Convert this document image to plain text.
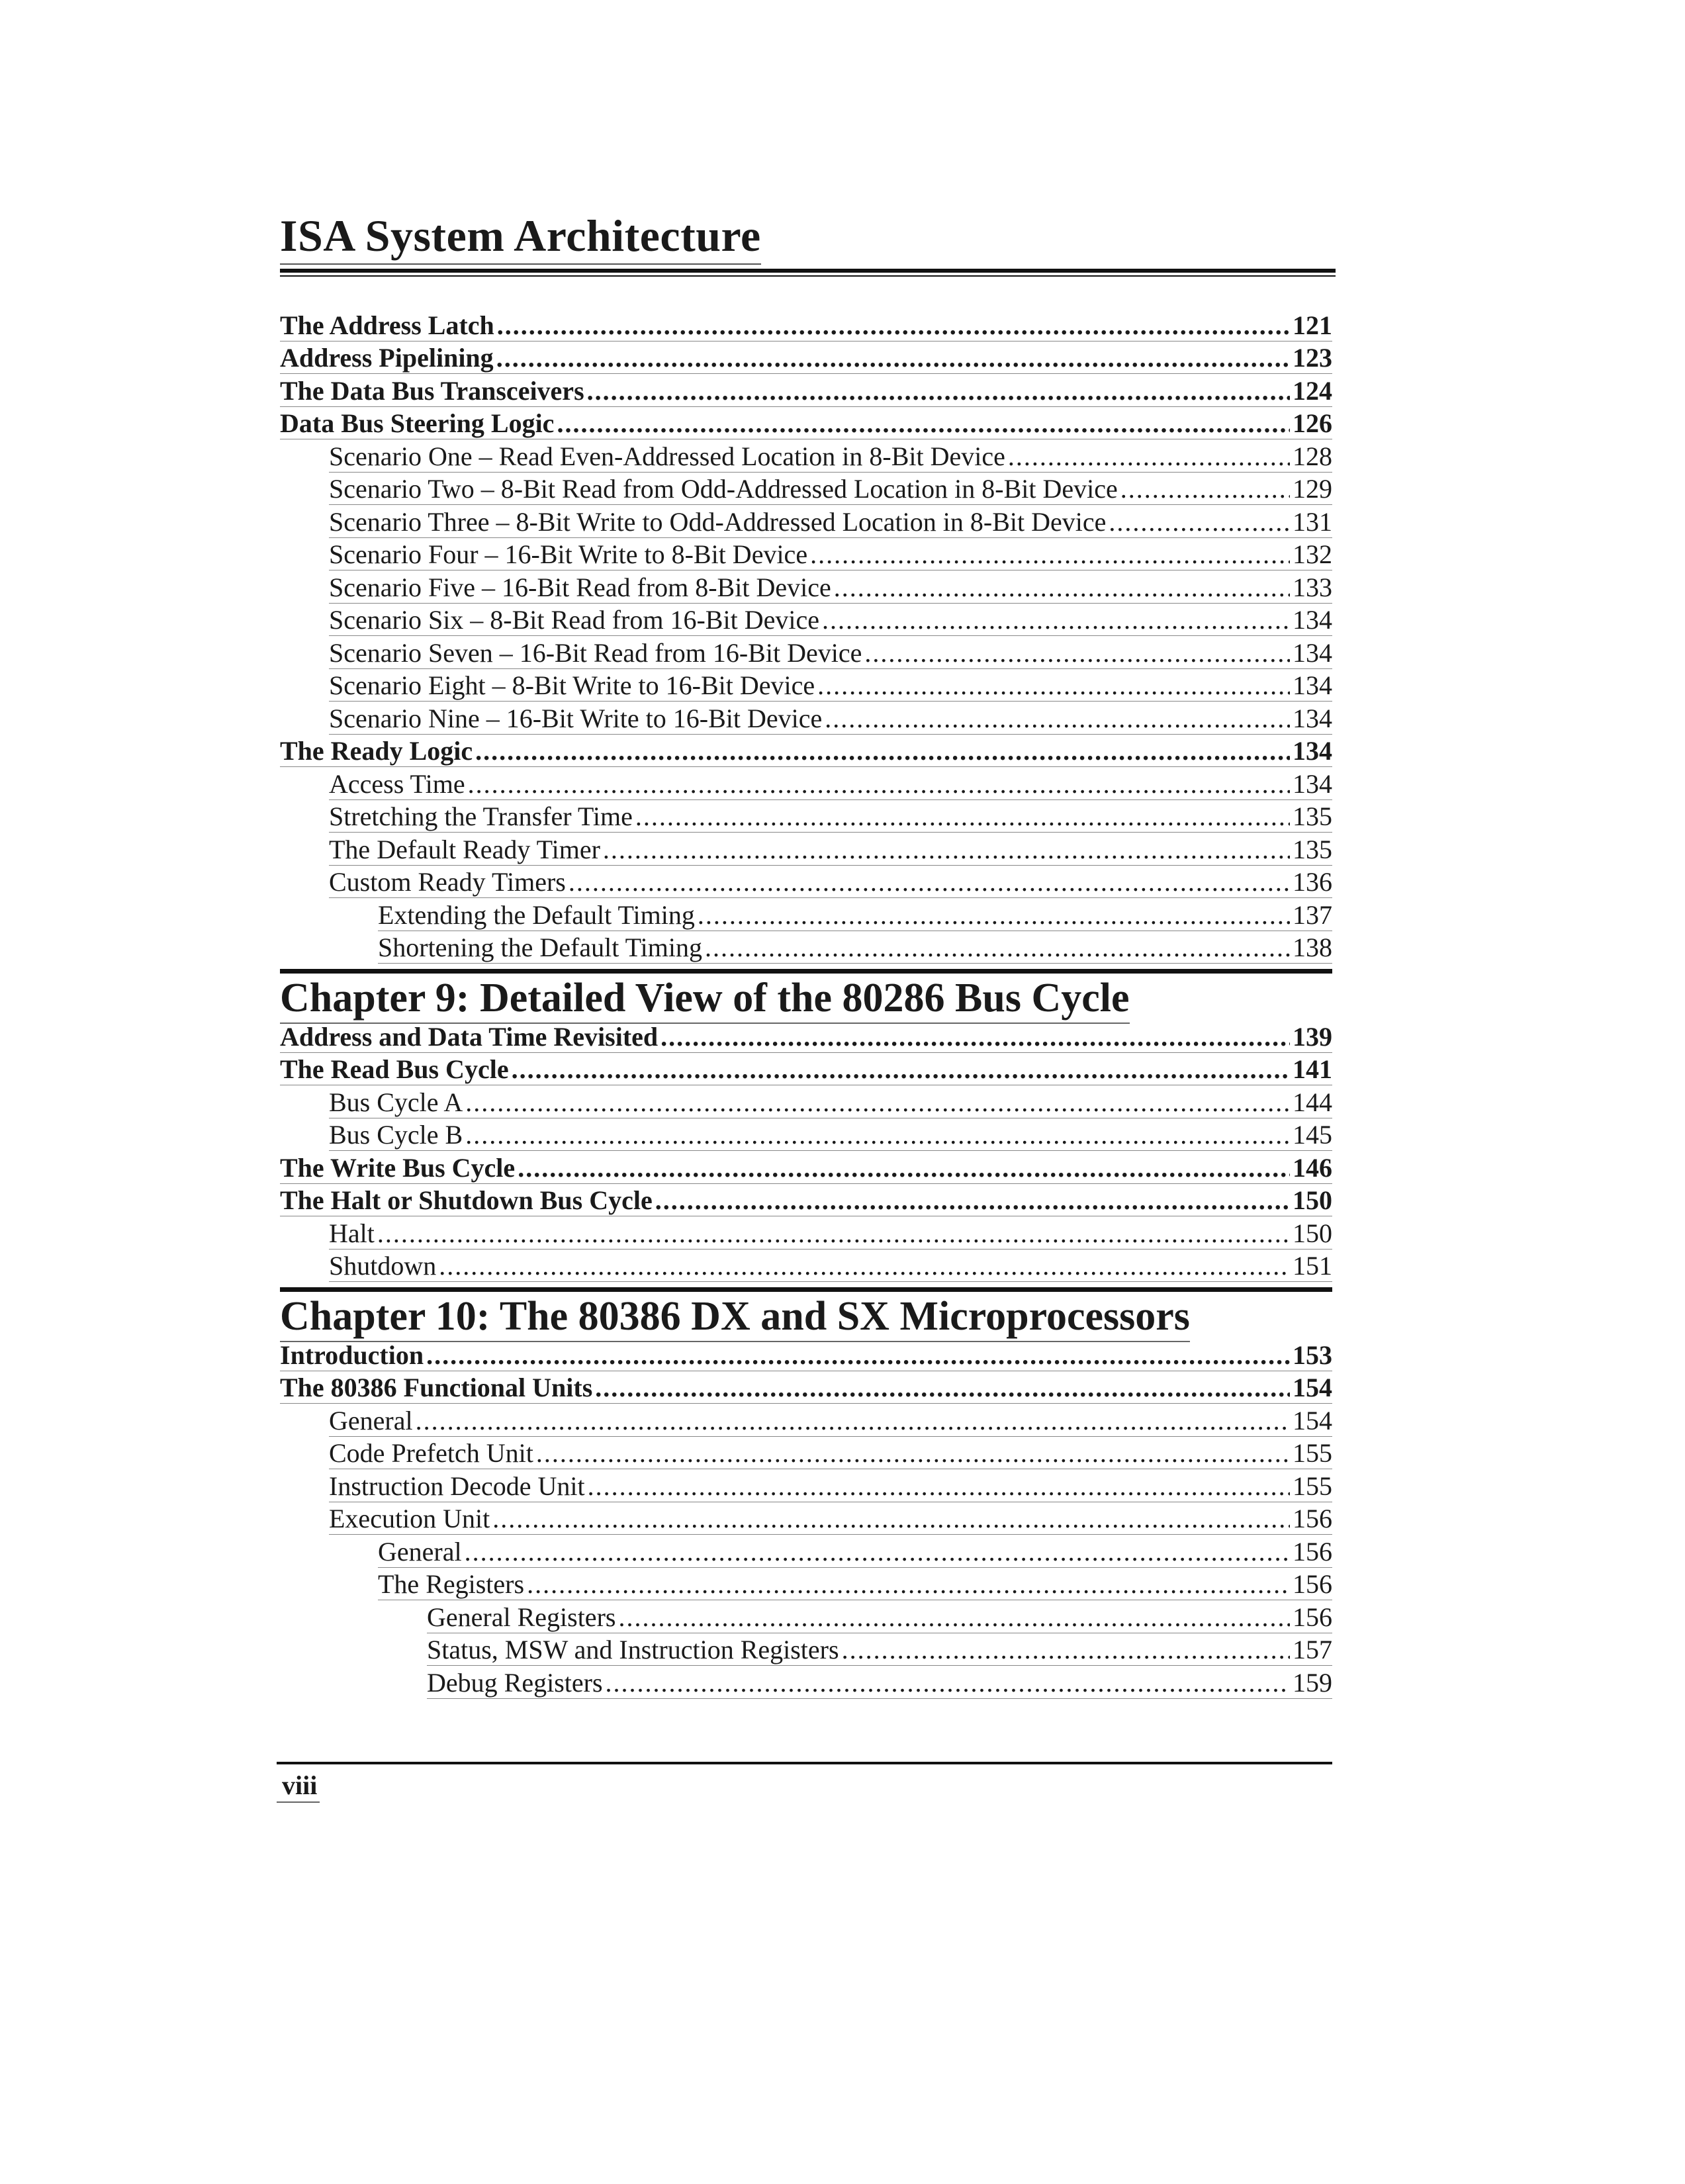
ISA System Architecture
The Address Latch .....	121
Address Pipelining .....	123
The Data Bus Transceivers .....	124
Data Bus Steering Logic .....	126
Scenario One – Read Even-Addressed Location in 8-Bit Device .....	128
Scenario Two – 8-Bit Read from Odd-Addressed Location in 8-Bit Device .....	129
Scenario Three – 8-Bit Write to Odd-Addressed Location in 8-Bit Device .....	131
Scenario Four – 16-Bit Write to 8-Bit Device .....	132
Scenario Five – 16-Bit Read from 8-Bit Device .....	133
Scenario Six – 8-Bit Read from 16-Bit Device .....	134
Scenario Seven – 16-Bit Read from 16-Bit Device .....	134
Scenario Eight – 8-Bit Write to 16-Bit Device .....	134
Scenario Nine – 16-Bit Write to 16-Bit Device .....	134
The Ready Logic .....	134
Access Time .....	134
Stretching the Transfer Time .....	135
The Default Ready Timer .....	135
Custom Ready Timers .....	136
Extending the Default Timing .....	137
Shortening the Default Timing .....	138
Chapter 9: Detailed View of the 80286 Bus Cycle
Address and Data Time Revisited .....	139
The Read Bus Cycle .....	141
Bus Cycle A .....	144
Bus Cycle B .....	145
The Write Bus Cycle .....	146
The Halt or Shutdown Bus Cycle .....	150
Halt .....	150
Shutdown .....	151
Chapter 10: The 80386 DX and SX Microprocessors
Introduction .....	153
The 80386 Functional Units .....	154
General .....	154
Code Prefetch Unit .....	155
Instruction Decode Unit .....	155
Execution Unit .....	156
General .....	156
The Registers .....	156
General Registers .....	156
Status, MSW and Instruction Registers .....	157
Debug Registers .....	159
viii
